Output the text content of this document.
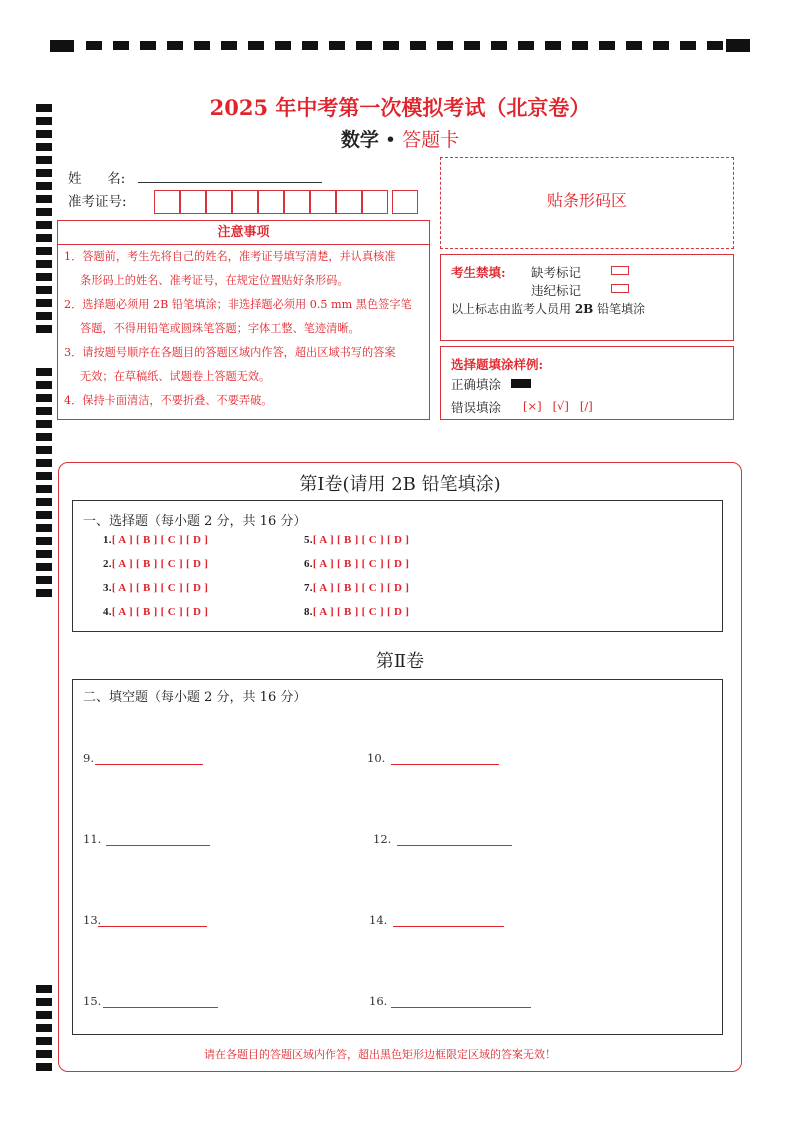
2025 年中考第一次模拟考试（北京卷）
数学 • 答题卡
姓      名:
准考证号:	贴条形码区
注意事项
1．答题前，考生先将自己的姓名，准考证号填写清楚，并认真核准
条形码上的姓名、准考证号，在规定位置贴好条形码。
2．选择题必须用 2B 铅笔填涂；非选择题必须用 0.5 mm 黑色签字笔
答题，不得用铅笔或圆珠笔答题；字体工整、笔迹清晰。
3．请按题号顺序在各题目的答题区域内作答，超出区域书写的答案
无效；在草稿纸、试题卷上答题无效。
4．保持卡面清洁，不要折叠、不要弄破。
考生禁填: 缺考标记
违纪标记
以上标志由监考人员用 2B 铅笔填涂
选择题填涂样例:
正确填涂
错误填涂 [×]   [√]   [/]
第Ⅰ卷(请用 2B 铅笔填涂)
一、选择题（每小题 2 分，共 16 分）
1.[ A ] [ B ] [ C ] [ D ]
2.[ A ] [ B ] [ C ] [ D ]
3.[ A ] [ B ] [ C ] [ D ]
4.[ A ] [ B ] [ C ] [ D ]
5.[ A ] [ B ] [ C ] [ D ]
6.[ A ] [ B ] [ C ] [ D ]
7.[ A ] [ B ] [ C ] [ D ]
8.[ A ] [ B ] [ C ] [ D ]
第Ⅱ卷
二、填空题（每小题 2 分，共 16 分）
9.	10.
11.	12.
13.	14.
15.	16.
请在各题目的答题区域内作答，超出黑色矩形边框限定区域的答案无效！
